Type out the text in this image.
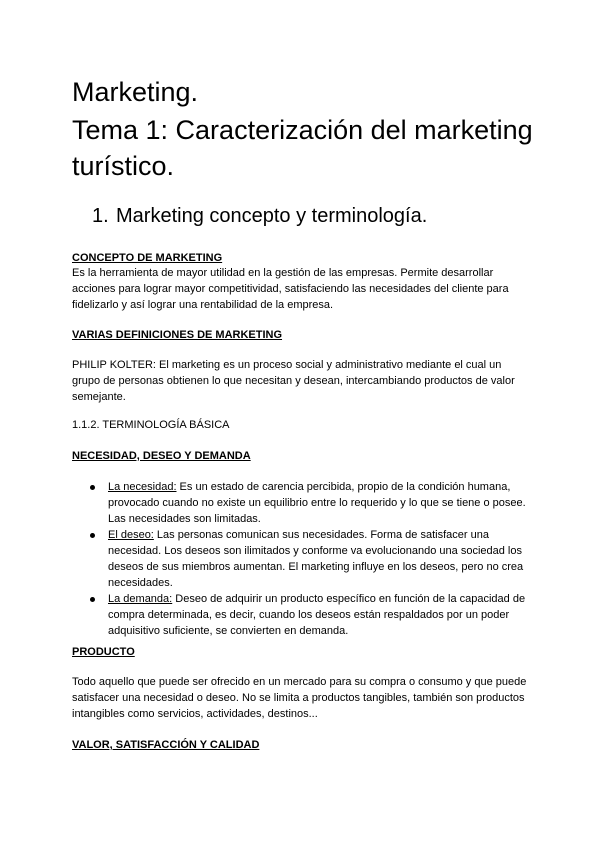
Marketing.
Tema 1: Caracterización del marketing
turístico.
1. Marketing concepto y terminología.
CONCEPTO DE MARKETING

Es la herramienta de mayor utilidad en la gestión de las empresas. Permite desarrollar acciones para lograr mayor competitividad, satisfaciendo las necesidades del cliente para fidelizarlo y así lograr una rentabilidad de la empresa.

VARIAS DEFINICIONES DE MARKETING

PHILIP KOLTER: El marketing es un proceso social y administrativo mediante el cual un grupo de personas obtienen lo que necesitan y desean, intercambiando productos de valor semejante.

1.1.2. TERMINOLOGÍA BÁSICA
NECESIDAD, DESEO Y DEMANDA
La necesidad: Es un estado de carencia percibida, propio de la condición humana, provocado cuando no existe un equilibrio entre lo requerido y lo que se tiene o posee. Las necesidades son limitadas.
El deseo: Las personas comunican sus necesidades. Forma de satisfacer una necesidad. Los deseos son ilimitados y conforme va evolucionando una sociedad los deseos de sus miembros aumentan. El marketing influye en los deseos, pero no crea necesidades.
La demanda: Deseo de adquirir un producto específico en función de la capacidad de compra determinada, es decir, cuando los deseos están respaldados por un poder adquisitivo suficiente, se convierten en demanda.
PRODUCTO

Todo aquello que puede ser ofrecido en un mercado para su compra o consumo y que puede satisfacer una necesidad o deseo. No se limita a productos tangibles, también son productos intangibles como servicios, actividades, destinos...

VALOR, SATISFACCIÓN Y CALIDAD
